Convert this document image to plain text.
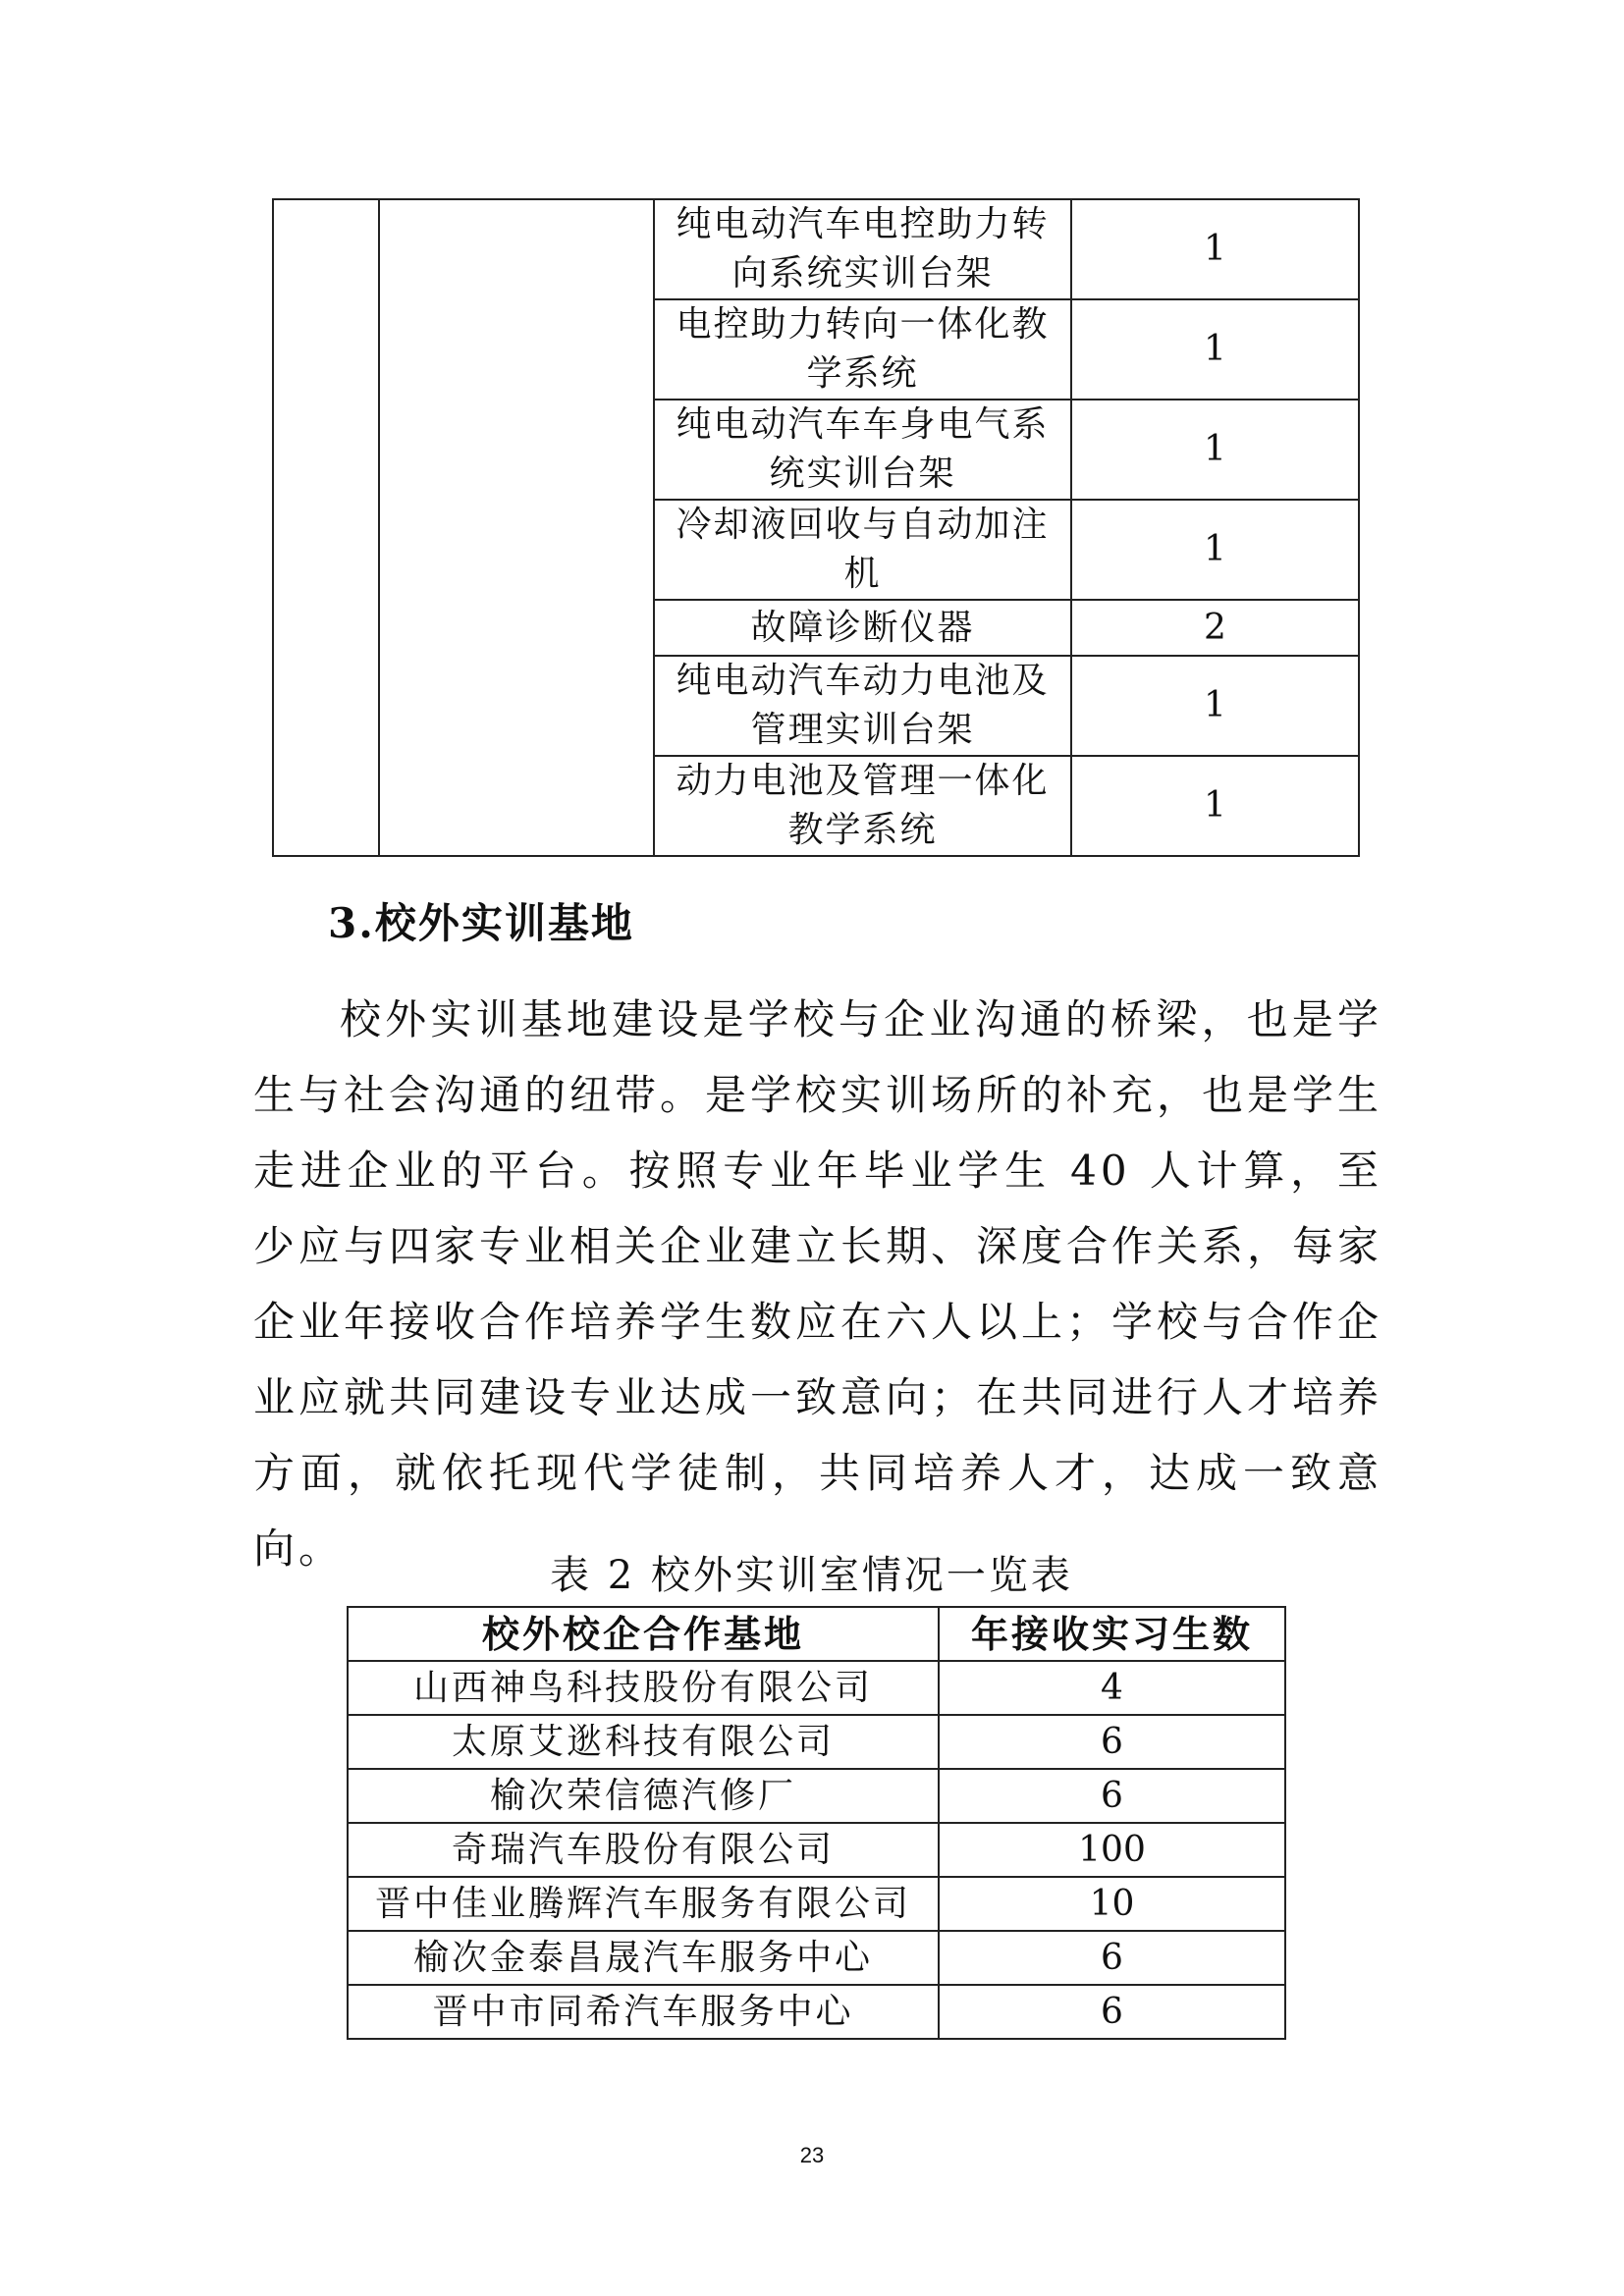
		纯电动汽车电控助力转向系统实训台架	1
		电控助力转向一体化教学系统	1
		纯电动汽车车身电气系统实训台架	1
		冷却液回收与自动加注机	1
		故障诊断仪器	2
		纯电动汽车动力电池及管理实训台架	1
		动力电池及管理一体化教学系统	1
3.校外实训基地

校外实训基地建设是学校与企业沟通的桥梁，也是学生与社会沟通的纽带。是学校实训场所的补充，也是学生走进企业的平台。按照专业年毕业学生 40 人计算，至少应与四家专业相关企业建立长期、深度合作关系，每家企业年接收合作培养学生数应在六人以上；学校与合作企业应就共同建设专业达成一致意向；在共同进行人才培养方面，就依托现代学徒制，共同培养人才，达成一致意向。

表 2 校外实训室情况一览表

校外校企合作基地	年接收实习生数
山西神鸟科技股份有限公司	4
太原艾逖科技有限公司	6
榆次荣信德汽修厂	6
奇瑞汽车股份有限公司	100
晋中佳业腾辉汽车服务有限公司	10
榆次金泰昌晟汽车服务中心	6
晋中市同希汽车服务中心	6

23
